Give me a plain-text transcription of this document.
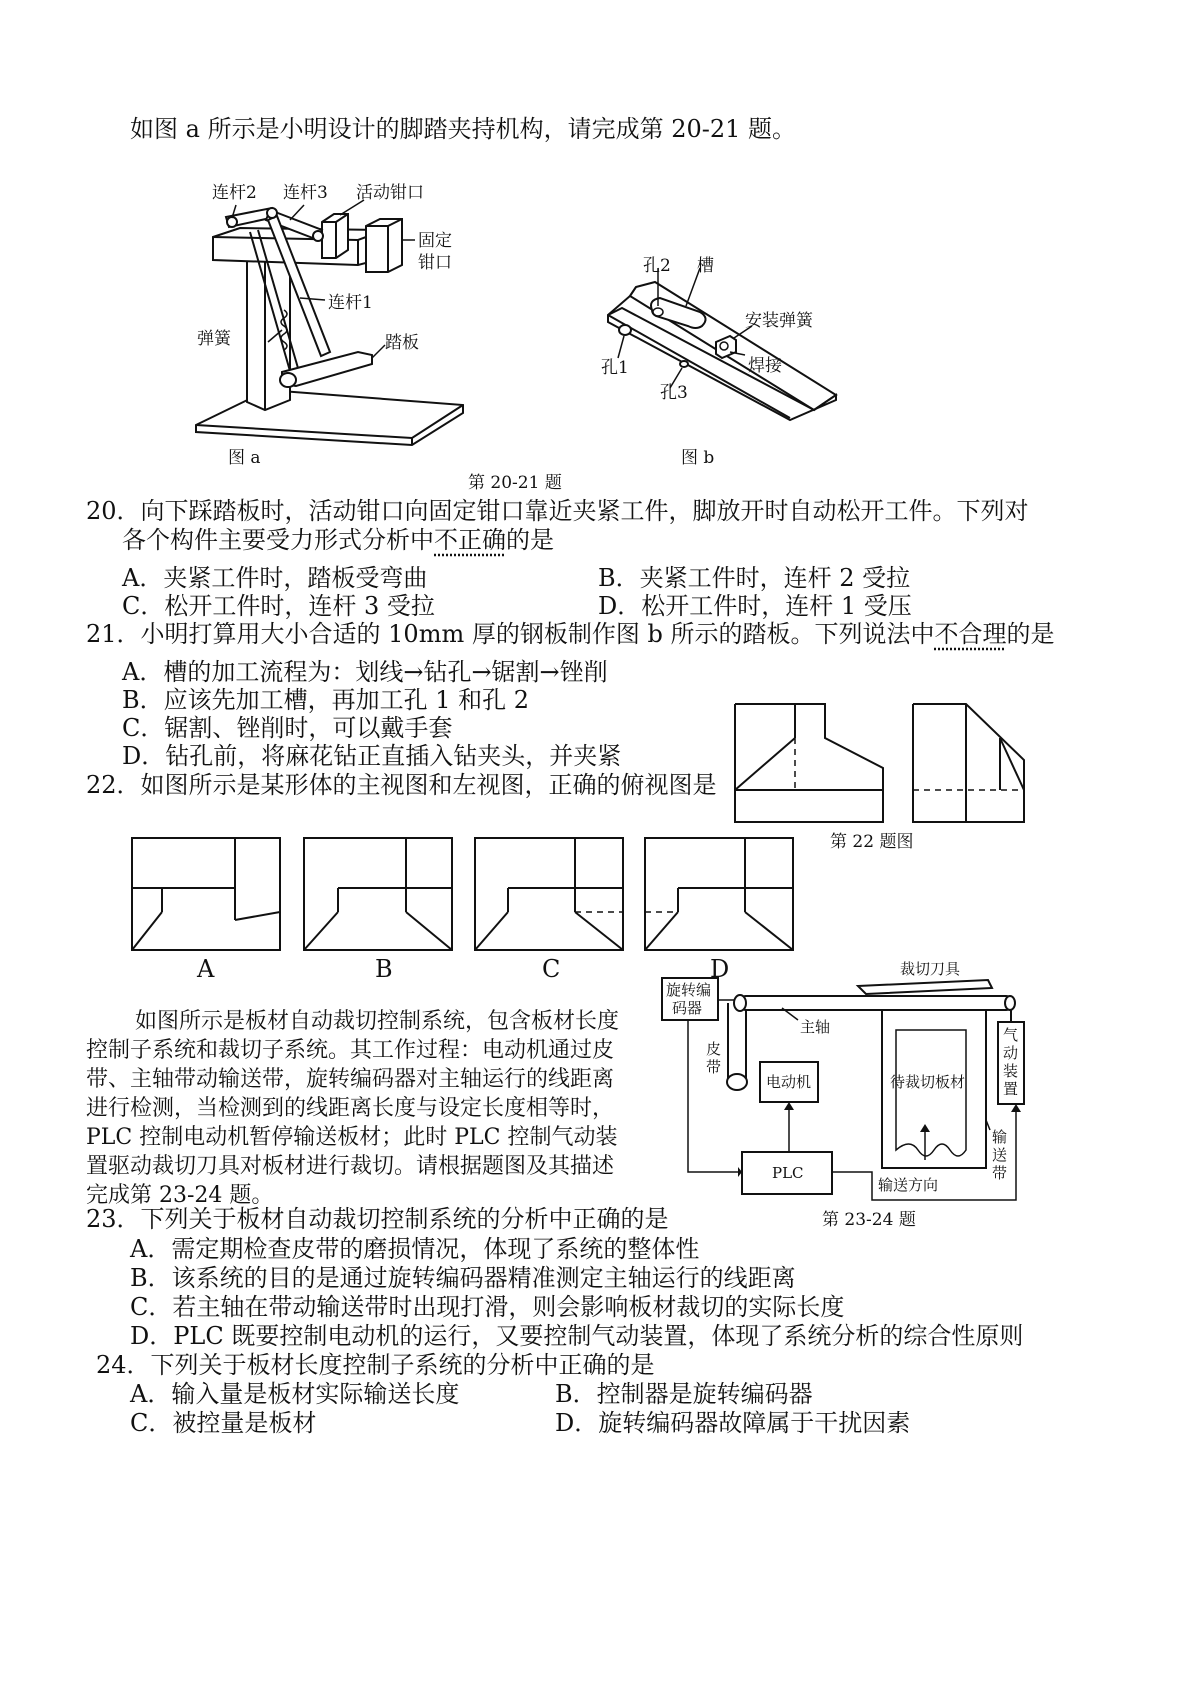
如图 a 所示是小明设计的脚踏夹持机构，请完成第 20-21 题。
连杆2 连杆3 活动钳口
固定
钳口
连杆1
弹簧	踏板
图 a
孔2 槽
安装弹簧
焊接
孔1
孔3
图 b
第 20-21 题
20．向下踩踏板时，活动钳口向固定钳口靠近夹紧工件，脚放开时自动松开工件。下列对
各个构件主要受力形式分析中不正确的是
A．夹紧工件时，踏板受弯曲	B．夹紧工件时，连杆 2 受拉
C．松开工件时，连杆 3 受拉	D．松开工件时，连杆 1 受压
21．小明打算用大小合适的 10mm 厚的钢板制作图 b 所示的踏板。下列说法中不合理的是
A．槽的加工流程为：划线→钻孔→锯割→锉削
B．应该先加工槽，再加工孔 1 和孔 2
C．锯割、锉削时，可以戴手套
D．钻孔前，将麻花钻正直插入钻夹头，并夹紧
22．如图所示是某形体的主视图和左视图，正确的俯视图是
第 22 题图
A	B	C	D
如图所示是板材自动裁切控制系统，包含板材长度
控制子系统和裁切子系统。其工作过程：电动机通过皮
带、主轴带动输送带，旋转编码器对主轴运行的线距离
进行检测，当检测到的线距离长度与设定长度相等时，
PLC 控制电动机暂停输送板材；此时 PLC 控制气动装
置驱动裁切刀具对板材进行裁切。请根据题图及其描述
完成第 23-24 题。
裁切刀具
旋转编
码器
主轴
皮
带
电动机	待裁切板材
气
动
装
置
输
送
带
PLC
输送方向
第 23-24 题
23．下列关于板材自动裁切控制系统的分析中正确的是
A．需定期检查皮带的磨损情况，体现了系统的整体性
B．该系统的目的是通过旋转编码器精准测定主轴运行的线距离
C．若主轴在带动输送带时出现打滑，则会影响板材裁切的实际长度
D．PLC 既要控制电动机的运行，又要控制气动装置，体现了系统分析的综合性原则
24．下列关于板材长度控制子系统的分析中正确的是
A．输入量是板材实际输送长度	B．控制器是旋转编码器
C．被控量是板材	D．旋转编码器故障属于干扰因素
